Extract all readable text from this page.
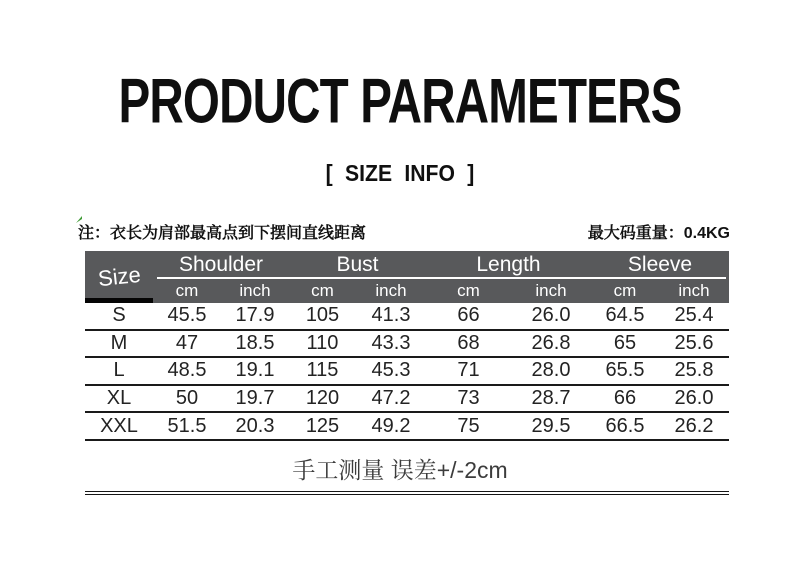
PRODUCT PARAMETERS
[ SIZE INFO ]
注：衣长为肩部最高点到下摆间直线距离	最大码重量：0.4KG
Size	Shoulder	Bust	Length	Sleeve
cm	inch	cm	inch	cm	inch	cm	inch
S	45.5	17.9	105	41.3	66	26.0	64.5	25.4
M	47	18.5	110	43.3	68	26.8	65	25.6
L	48.5	19.1	115	45.3	71	28.0	65.5	25.8
XL	50	19.7	120	47.2	73	28.7	66	26.0
XXL	51.5	20.3	125	49.2	75	29.5	66.5	26.2
手工测量 误差+/-2cm
